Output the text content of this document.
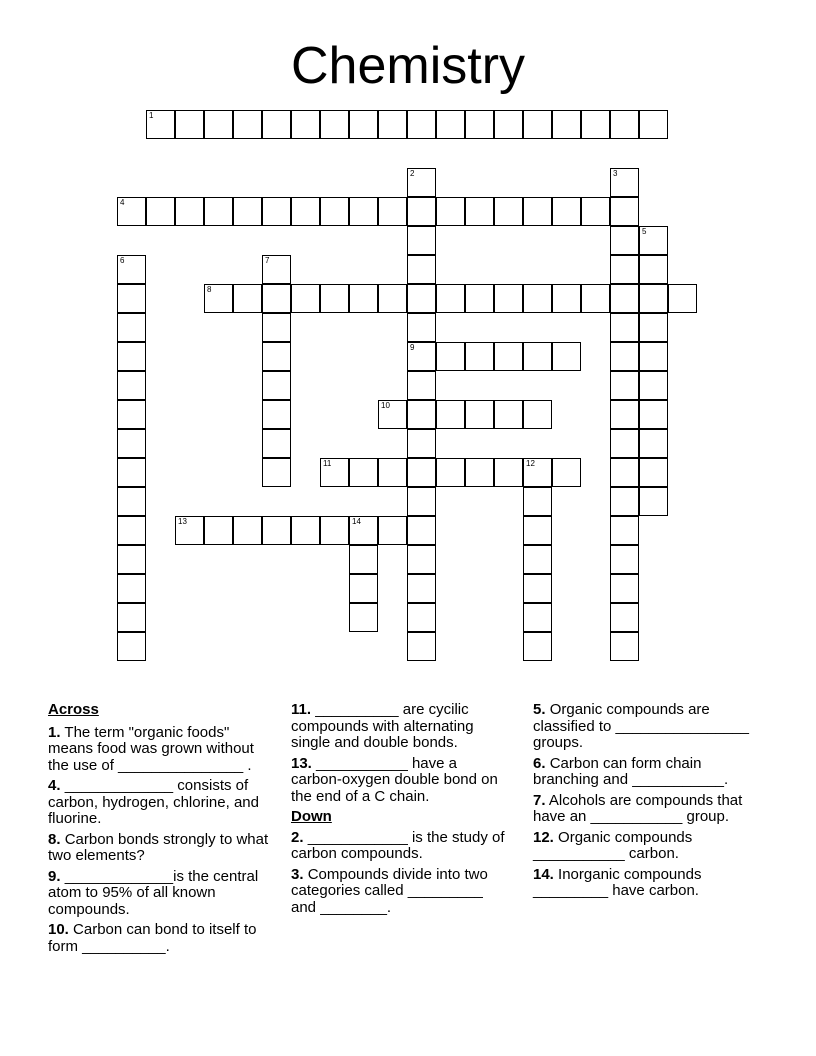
Chemistry
1
2
9
3
4
5
6	7
8
10
11	12
13	14
Across
1. The term "organic foods" means food was grown without the use of _______________ .
4. _____________ consists of carbon, hydrogen, chlorine, and fluorine.
8. Carbon bonds strongly to what two elements?
9. _____________is the central atom to 95% of all known compounds.
10. Carbon can bond to itself to form __________.
11. __________ are cycilic compounds with alternating single and double bonds.
13. ___________ have a carbon-oxygen double bond on the end of a C chain.
Down
2. ____________ is the study of carbon compounds.
3. Compounds divide into two categories called _________ and ________.
5. Organic compounds are classified to ________________ groups.
6. Carbon can form chain branching and ___________.
7. Alcohols are compounds that have an ___________ group.
12. Organic compounds ___________ carbon.
14. Inorganic compounds _________ have carbon.
